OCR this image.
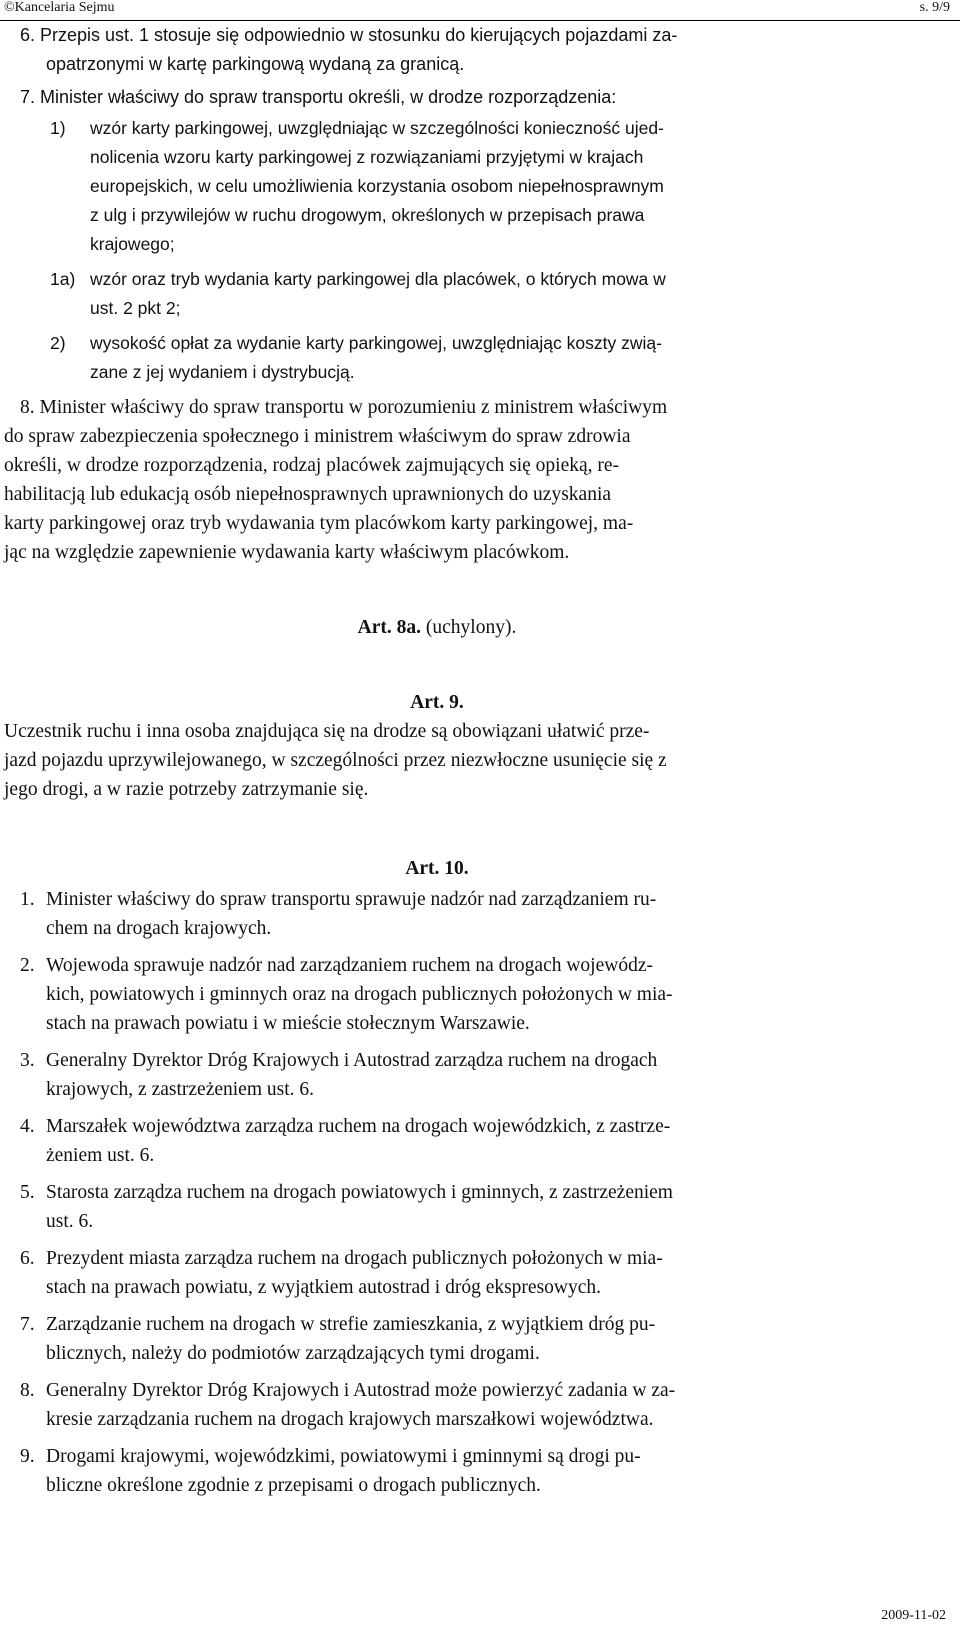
©Kancelaria Sejmu	s. 9/9
6. Przepis ust. 1 stosuje się odpowiednio w stosunku do kierujących pojazdami za-
opatrzonymi w kartę parkingową wydaną za granicą.
7. Minister właściwy do spraw transportu określi, w drodze rozporządzenia:
1)	wzór karty parkingowej, uwzględniając w szczególności konieczność ujed-
nolicenia wzoru karty parkingowej z rozwiązaniami przyjętymi w krajach
europejskich, w celu umożliwienia korzystania osobom niepełnosprawnym
z ulg i przywilejów w ruchu drogowym, określonych w przepisach prawa
krajowego;
1a) wzór oraz tryb wydania karty parkingowej dla placówek, o których mowa w
ust. 2 pkt 2;
2)	wysokość opłat za wydanie karty parkingowej, uwzględniając koszty zwią-
zane z jej wydaniem i dystrybucją.
8. Minister właściwy do spraw transportu w porozumieniu z ministrem właściwym
do spraw zabezpieczenia społecznego i ministrem właściwym do spraw zdrowia
określi, w drodze rozporządzenia, rodzaj placówek zajmujących się opieką, re-
habilitacją lub edukacją osób niepełnosprawnych uprawnionych do uzyskania
karty parkingowej oraz tryb wydawania tym placówkom karty parkingowej, ma-
jąc na względzie zapewnienie wydawania karty właściwym placówkom.
Art. 8a. (uchylony).
Art. 9.
Uczestnik ruchu i inna osoba znajdująca się na drodze są obowiązani ułatwić prze-
jazd pojazdu uprzywilejowanego, w szczególności przez niezwłoczne usunięcie się z
jego drogi, a w razie potrzeby zatrzymanie się.
Art. 10.
1. Minister właściwy do spraw transportu sprawuje nadzór nad zarządzaniem ru-
chem na drogach krajowych.
2. Wojewoda sprawuje nadzór nad zarządzaniem ruchem na drogach wojewódz-
kich, powiatowych i gminnych oraz na drogach publicznych położonych w mia-
stach na prawach powiatu i w mieście stołecznym Warszawie.
3. Generalny Dyrektor Dróg Krajowych i Autostrad zarządza ruchem na drogach
krajowych, z zastrzeżeniem ust. 6.
4. Marszałek województwa zarządza ruchem na drogach wojewódzkich, z zastrze-
żeniem ust. 6.
5. Starosta zarządza ruchem na drogach powiatowych i gminnych, z zastrzeżeniem
ust. 6.
6. Prezydent miasta zarządza ruchem na drogach publicznych położonych w mia-
stach na prawach powiatu, z wyjątkiem autostrad i dróg ekspresowych.
7. Zarządzanie ruchem na drogach w strefie zamieszkania, z wyjątkiem dróg pu-
blicznych, należy do podmiotów zarządzających tymi drogami.
8. Generalny Dyrektor Dróg Krajowych i Autostrad może powierzyć zadania w za-
kresie zarządzania ruchem na drogach krajowych marszałkowi województwa.
9. Drogami krajowymi, wojewódzkimi, powiatowymi i gminnymi są drogi pu-
bliczne określone zgodnie z przepisami o drogach publicznych.
2009-11-02
